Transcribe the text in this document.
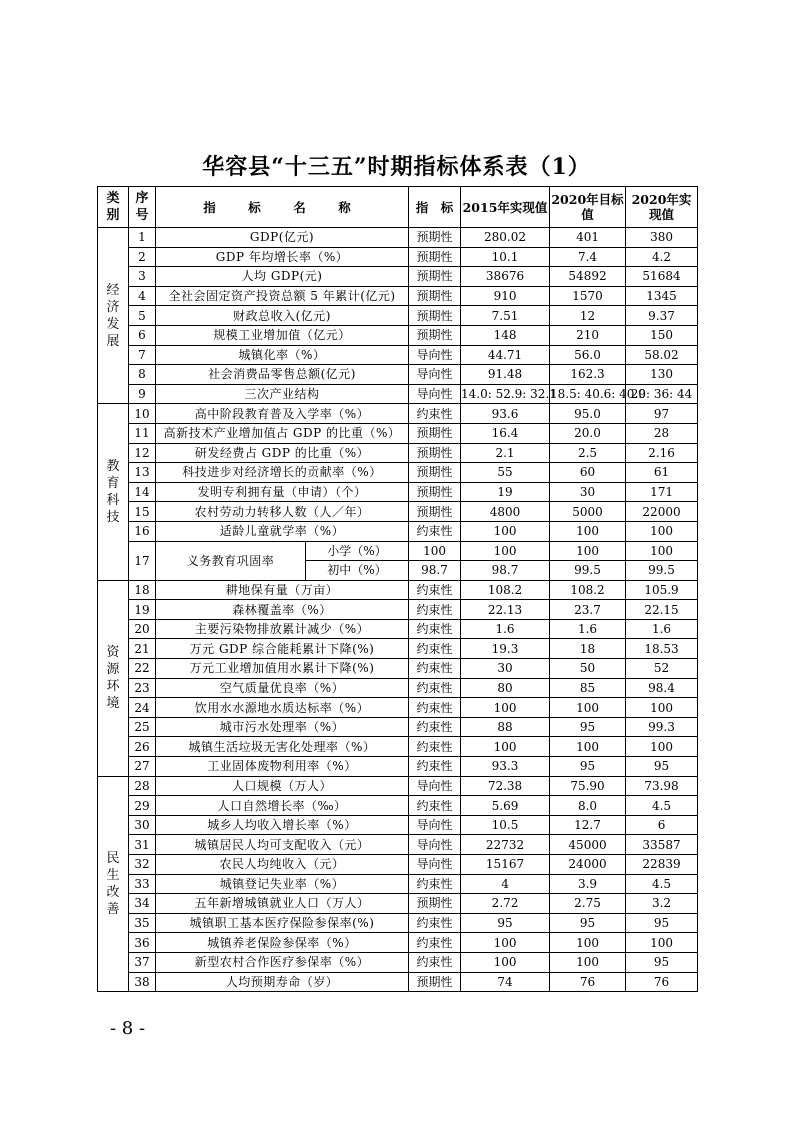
华容县“十三五”时期指标体系表（1）
类别	序号	指　标　名　称		指　标	2015年实现值	2020年目标值	2020年实现值

经济发展	1	GDP(亿元)		预期性	280.02	401	380
	2	GDP 年均增长率（%）		预期性	10.1	7.4	4.2
	3	人均 GDP(元)		预期性	38676	54892	51684
	4	全社会固定资产投资总额 5 年累计(亿元)		预期性	910	1570	1345
	5	财政总收入(亿元)		预期性	7.51	12	9.37
	6	规模工业增加值（亿元）		预期性	148	210	150
	7	城镇化率（%）		导向性	44.71	56.0	58.02
	8	社会消费品零售总额(亿元)		导向性	91.48	162.3	130
	9	三次产业结构		导向性	14.0: 52.9: 32.1	18.5: 40.6: 40.9	20: 36: 44

教育科技	10	高中阶段教育普及入学率（%）		约束性	93.6	95.0	97
	11	高新技术产业增加值占 GDP 的比重（%）		预期性	16.4	20.0	28
	12	研发经费占 GDP 的比重（%）		预期性	2.1	2.5	2.16
	13	科技进步对经济增长的贡献率（%）		预期性	55	60	61
	14	发明专利拥有量（申请）（个）		预期性	19	30	171
	15	农村劳动力转移人数（人／年）		预期性	4800	5000	22000
	16	适龄儿童就学率（%）		约束性	100	100	100
	17	义务教育巩固率	小学（%）	100	100	100	100
			初中（%）	98.7	98.7	99.5	99.5

资源环境	18	耕地保有量（万亩）		约束性	108.2	108.2	105.9
	19	森林覆盖率（%）		约束性	22.13	23.7	22.15
	20	主要污染物排放累计减少（%）		约束性	1.6	1.6	1.6
	21	万元 GDP 综合能耗累计下降(%)		约束性	19.3	18	18.53
	22	万元工业增加值用水累计下降(%)		约束性	30	50	52
	23	空气质量优良率（%）		约束性	80	85	98.4
	24	饮用水水源地水质达标率（%）		约束性	100	100	100
	25	城市污水处理率（%）		约束性	88	95	99.3
	26	城镇生活垃圾无害化处理率（%）		约束性	100	100	100
	27	工业固体废物利用率（%）		约束性	93.3	95	95

民生改善	28	人口规模（万人）		导向性	72.38	75.90	73.98
	29	人口自然增长率（‰）		约束性	5.69	8.0	4.5
	30	城乡人均收入增长率（%）		导向性	10.5	12.7	6
	31	城镇居民人均可支配收入（元）		导向性	22732	45000	33587
	32	农民人均纯收入（元）		导向性	15167	24000	22839
	33	城镇登记失业率（%）		约束性	4	3.9	4.5
	34	五年新增城镇就业人口（万人）		预期性	2.72	2.75	3.2
	35	城镇职工基本医疗保险参保率(%)		约束性	95	95	95
	36	城镇养老保险参保率（%）		约束性	100	100	100
	37	新型农村合作医疗参保率（%）		约束性	100	100	95
	38	人均预期寿命（岁）		预期性	74	76	76
- 8 -
